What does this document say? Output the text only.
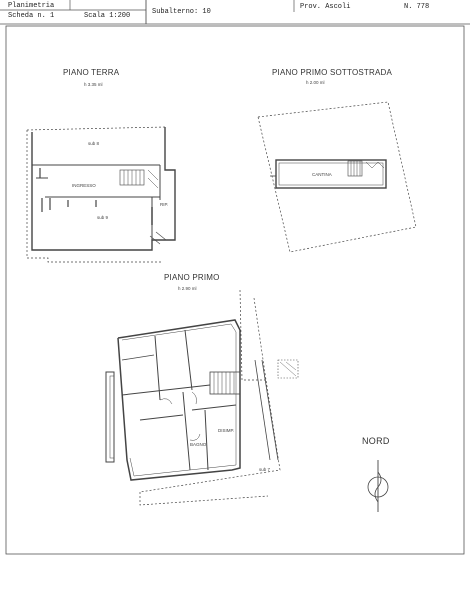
Planimetria
Scheda n. 1	Scala 1:200	Subalterno: 10
Prov. Ascoli	N. 778
PIANO TERRA
h 3.35 ml
sub 8
INGRESSO
sub 9
RIP.
PIANO PRIMO SOTTOSTRADA
h 2.00 ml
CANTINA
PIANO PRIMO
h 2.90 ml
BAGNO
DISIMP.
sub 7
NORD
